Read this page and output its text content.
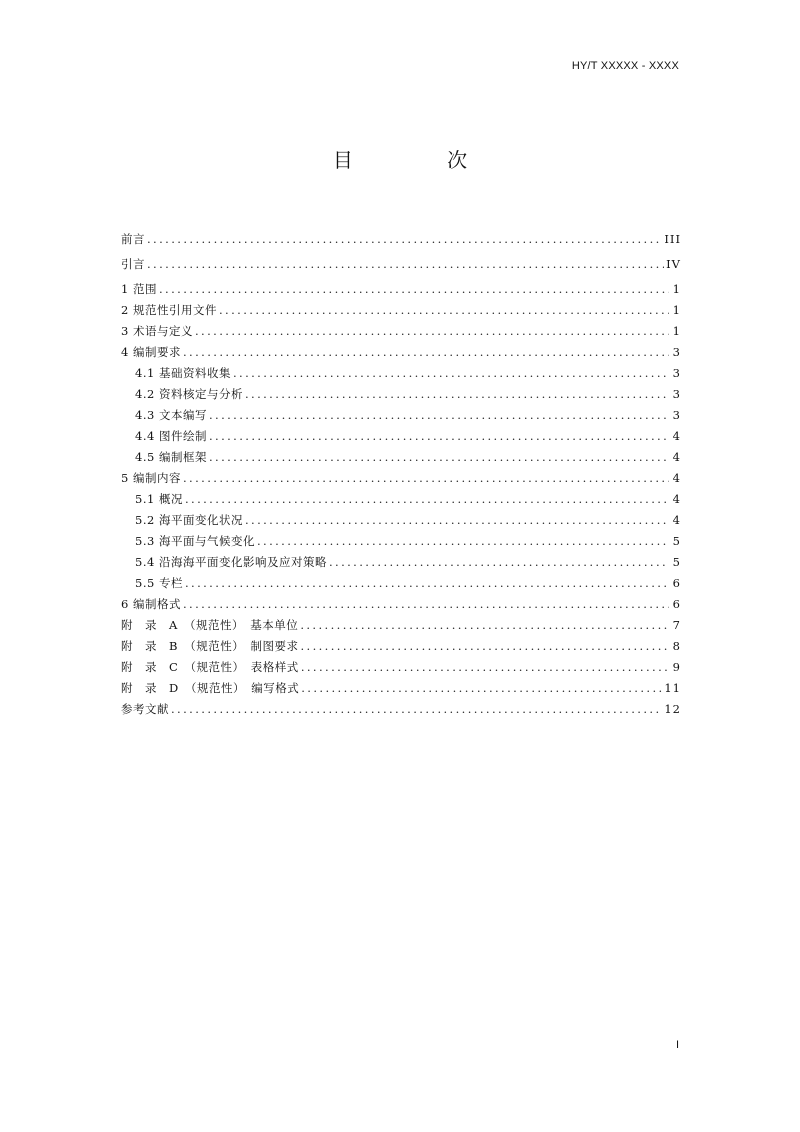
HY/T XXXXX - XXXX
目 次
前言 .....	III
引言 .....	IV
1 范围 .....	1
2 规范性引用文件 .....	1
3 术语与定义 .....	1
4 编制要求 .....	3
4.1 基础资料收集 .....	3
4.2 资料核定与分析 .....	3
4.3 文本编写 .....	3
4.4 图件绘制 .....	4
4.5 编制框架 .....	4
5 编制内容 .....	4
5.1 概况 .....	4
5.2 海平面变化状况 .....	4
5.3 海平面与气候变化 .....	5
5.4 沿海海平面变化影响及应对策略 .....	5
5.5 专栏 .....	6
6 编制格式 .....	6
附　录　A　（规范性）　基本单位 .....	7
附　录　B　（规范性）　制图要求 .....	8
附　录　C　（规范性）　表格样式 .....	9
附　录　D　（规范性）　编写格式 .....	11
参考文献 .....	12
I
